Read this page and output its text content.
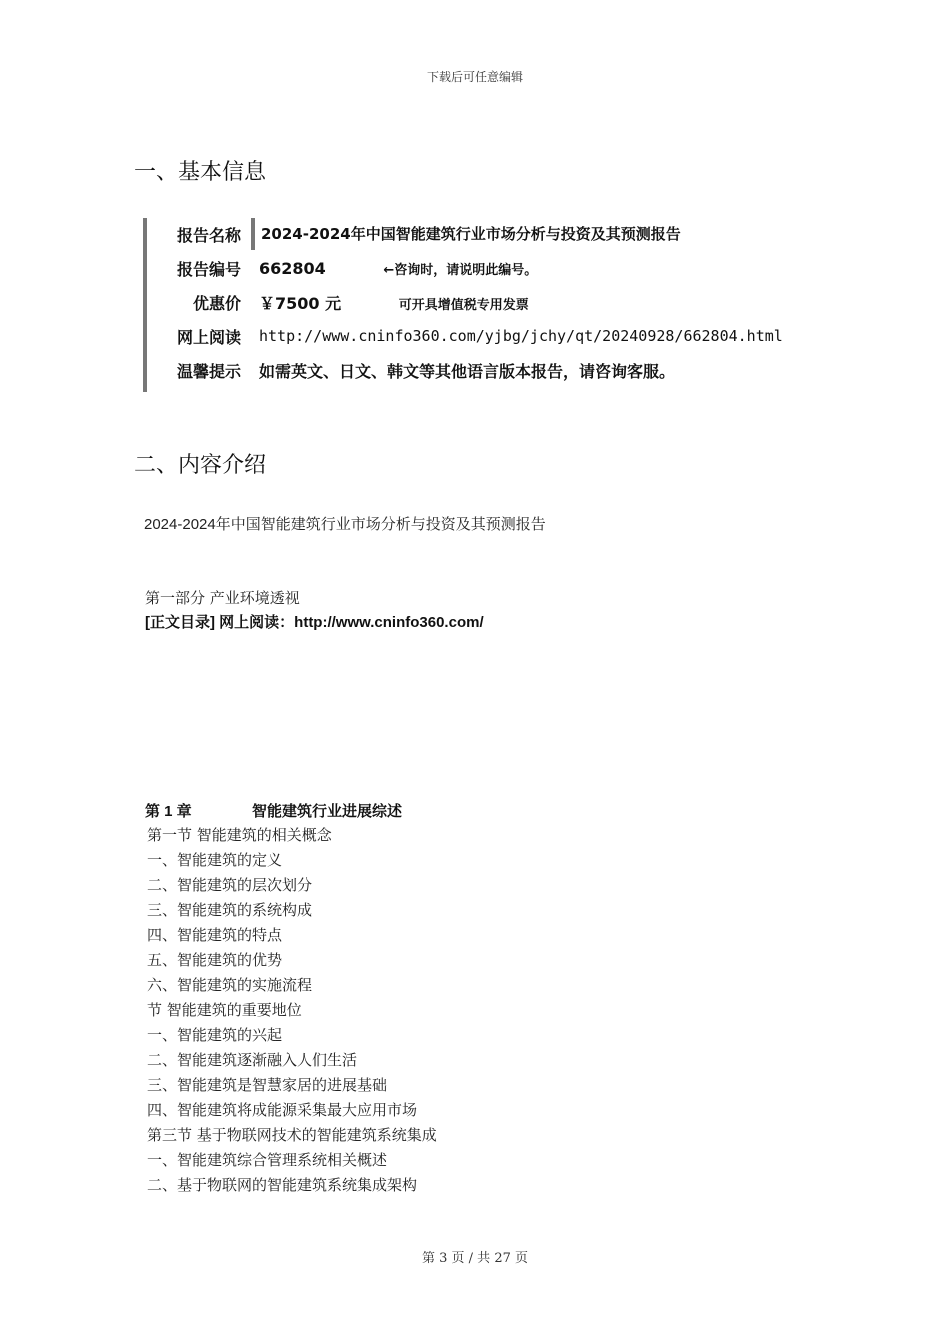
下载后可任意编辑
一、基本信息
报告名称	2024-2024年中国智能建筑行业市场分析与投资及其预测报告
报告编号	662804	←咨询时，请说明此编号。
优惠价	￥7500 元	可开具增值税专用发票
网上阅读	http://www.cninfo360.com/yjbg/jchy/qt/20240928/662804.html
温馨提示	如需英文、日文、韩文等其他语言版本报告，请咨询客服。
二、内容介绍
2024-2024年中国智能建筑行业市场分析与投资及其预测报告
第一部分 产业环境透视
[正文目录] 网上阅读：http://www.cninfo360.com/
第 1 章	智能建筑行业进展综述
第一节 智能建筑的相关概念
一、智能建筑的定义
二、智能建筑的层次划分
三、智能建筑的系统构成
四、智能建筑的特点
五、智能建筑的优势
六、智能建筑的实施流程
节 智能建筑的重要地位
一、智能建筑的兴起
二、智能建筑逐渐融入人们生活
三、智能建筑是智慧家居的进展基础
四、智能建筑将成能源采集最大应用市场
第三节 基于物联网技术的智能建筑系统集成
一、智能建筑综合管理系统相关概述
二、基于物联网的智能建筑系统集成架构
第 3 页 / 共 27 页
